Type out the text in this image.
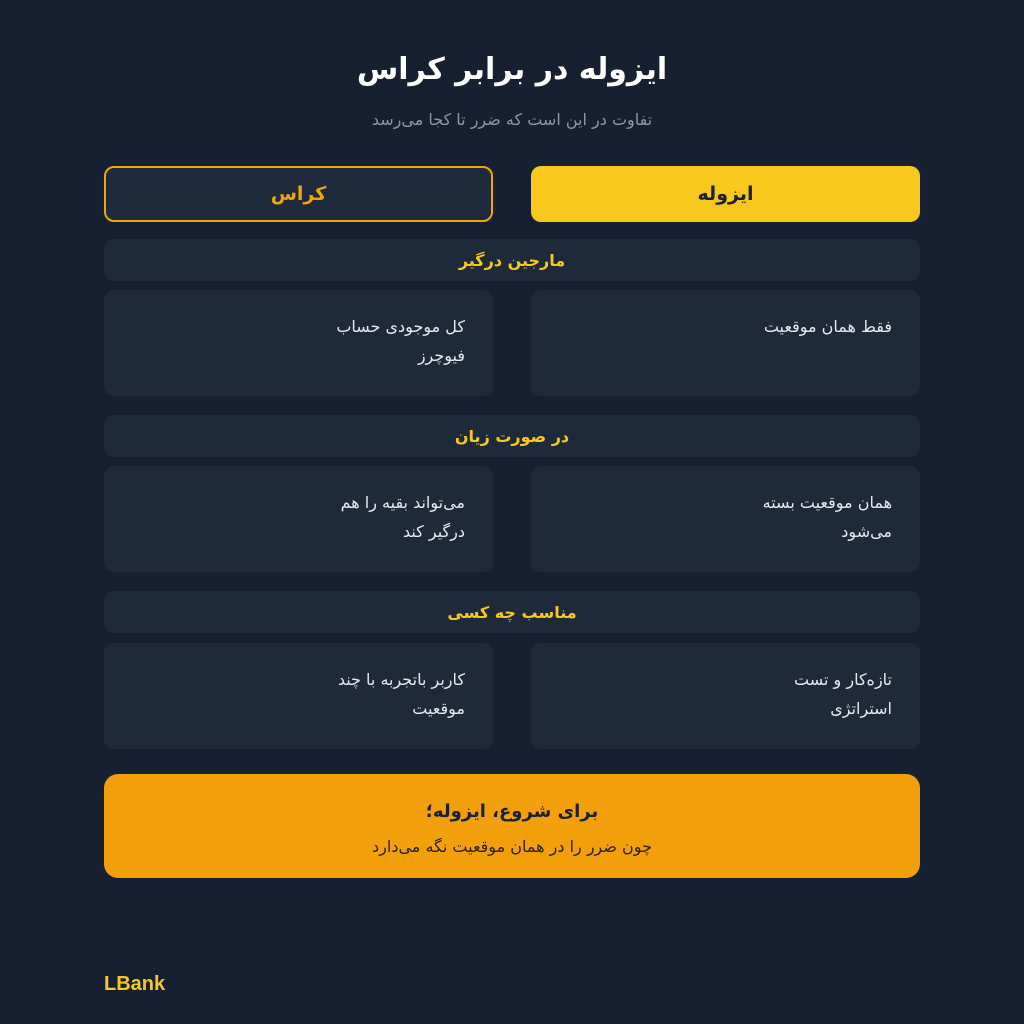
ایزوله در برابر کراس
تفاوت در این است که ضرر تا کجا می‌رسد
ایزوله
کراس
مارجین درگیر
فقط همان موقعیت
کل موجودی حساب
فیوچرز
در صورت زیان
همان موقعیت بسته
می‌شود
می‌تواند بقیه را هم
درگیر کند
مناسب چه کسی
تازه‌کار و تست
استراتژی
کاربر باتجربه با چند
موقعیت
برای شروع، ایزوله؛
چون ضرر را در همان موقعیت نگه می‌دارد
LBank
